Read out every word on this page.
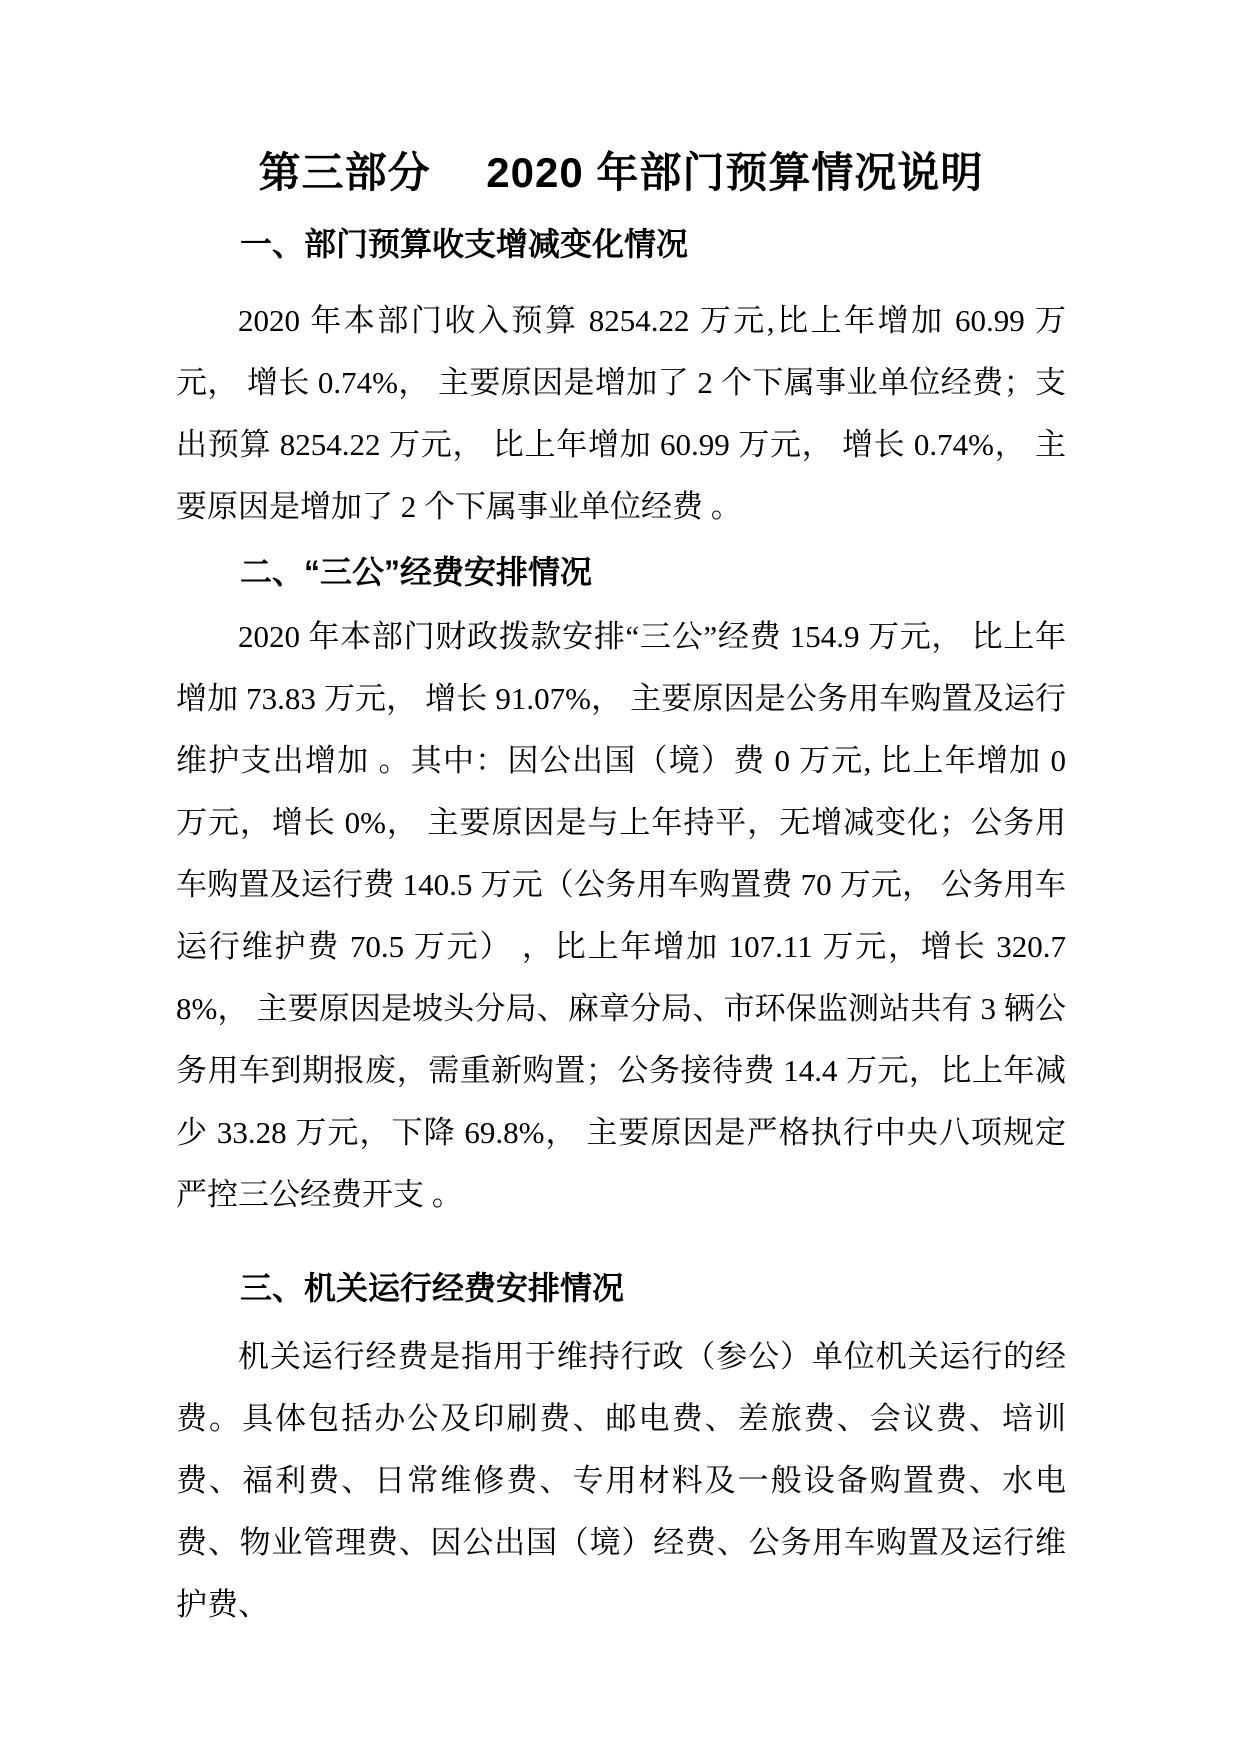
第三部分　 2020 年部门预算情况说明
一、部门预算收支增减变化情况

2020 年本部门收入预算 8254.22 万元,比上年增加 60.99 万元， 增长 0.74%， 主要原因是增加了 2 个下属事业单位经费；支出预算 8254.22 万元， 比上年增加 60.99 万元， 增长 0.74%， 主要原因是增加了 2 个下属事业单位经费 。

二、“三公”经费安排情况

2020 年本部门财政拨款安排“三公”经费 154.9 万元， 比上年增加 73.83 万元， 增长 91.07%， 主要原因是公务用车购置及运行维护支出增加 。其中：因公出国（境）费 0 万元, 比上年增加 0 万元，增长 0%， 主要原因是与上年持平，无增减变化；公务用车购置及运行费 140.5 万元（公务用车购置费 70 万元， 公务用车运行维护费 70.5 万元） ，比上年增加 107.11 万元，增长 320.78%， 主要原因是坡头分局、麻章分局、市环保监测站共有 3 辆公务用车到期报废，需重新购置；公务接待费 14.4 万元，比上年减少 33.28 万元，下降 69.8%， 主要原因是严格执行中央八项规定严控三公经费开支 。

三、机关运行经费安排情况

机关运行经费是指用于维持行政（参公）单位机关运行的经费。具体包括办公及印刷费、邮电费、差旅费、会议费、培训费、福利费、日常维修费、专用材料及一般设备购置费、水电费、物业管理费、因公出国（境）经费、公务用车购置及运行维护费、
